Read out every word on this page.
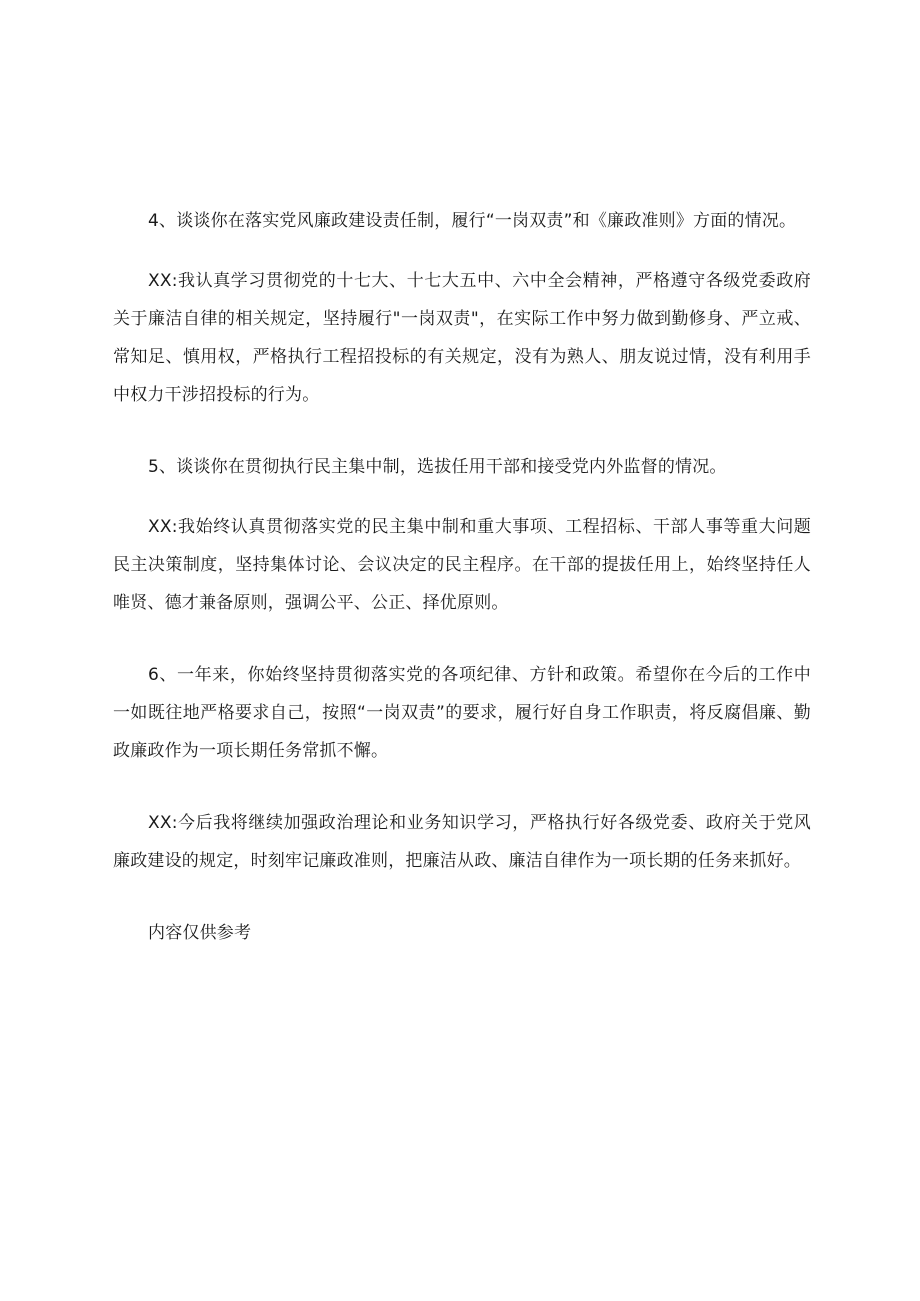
4、谈谈你在落实党风廉政建设责任制，履行“一岗双责”和《廉政准则》方面的情况。

XX:我认真学习贯彻党的十七大、十七大五中、六中全会精神，严格遵守各级党委政府关于廉洁自律的相关规定，坚持履行"一岗双责"，在实际工作中努力做到勤修身、严立戒、常知足、慎用权，严格执行工程招投标的有关规定，没有为熟人、朋友说过情，没有利用手中权力干涉招投标的行为。

5、谈谈你在贯彻执行民主集中制，选拔任用干部和接受党内外监督的情况。

XX:我始终认真贯彻落实党的民主集中制和重大事项、工程招标、干部人事等重大问题民主决策制度，坚持集体讨论、会议决定的民主程序。在干部的提拔任用上，始终坚持任人唯贤、德才兼备原则，强调公平、公正、择优原则。

6、一年来，你始终坚持贯彻落实党的各项纪律、方针和政策。希望你在今后的工作中一如既往地严格要求自己，按照“一岗双责”的要求，履行好自身工作职责，将反腐倡廉、勤政廉政作为一项长期任务常抓不懈。

XX:今后我将继续加强政治理论和业务知识学习，严格执行好各级党委、政府关于党风廉政建设的规定，时刻牢记廉政准则，把廉洁从政、廉洁自律作为一项长期的任务来抓好。

内容仅供参考
